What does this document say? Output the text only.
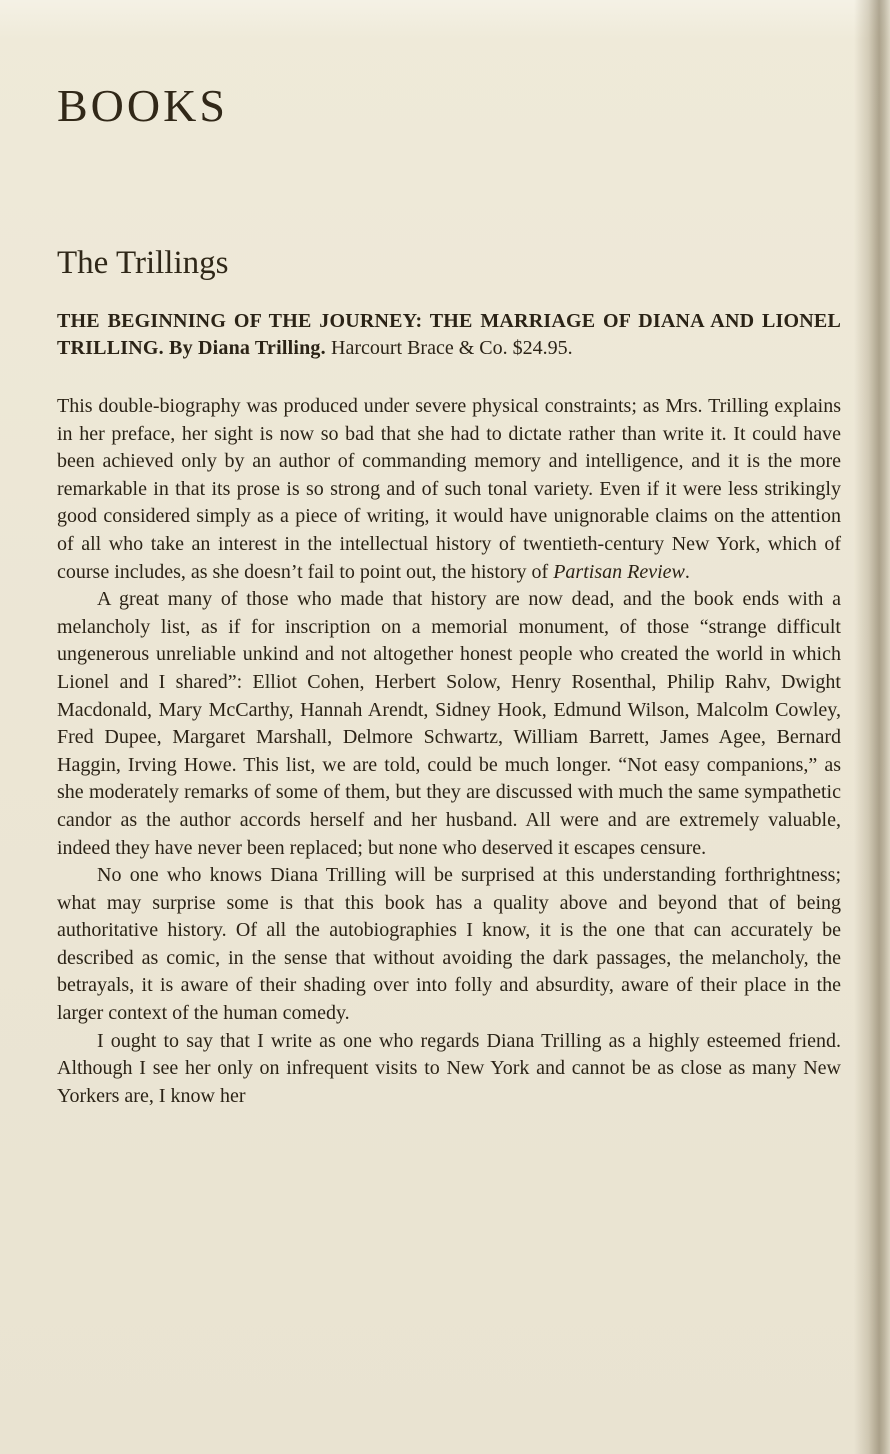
BOOKS
The Trillings

THE BEGINNING OF THE JOURNEY: THE MARRIAGE OF DIANA AND LIONEL TRILLING. By Diana Trilling. Harcourt Brace & Co. $24.95.

This double-biography was produced under severe physical constraints; as Mrs. Trilling explains in her preface, her sight is now so bad that she had to dictate rather than write it. It could have been achieved only by an author of commanding memory and intelligence, and it is the more remarkable in that its prose is so strong and of such tonal variety. Even if it were less strikingly good considered simply as a piece of writing, it would have unignorable claims on the attention of all who take an interest in the intellectual history of twentieth-century New York, which of course includes, as she doesn’t fail to point out, the history of Partisan Review.

A great many of those who made that history are now dead, and the book ends with a melancholy list, as if for inscription on a memorial monument, of those “strange difficult ungenerous unreliable unkind and not altogether honest people who created the world in which Lionel and I shared”: Elliot Cohen, Herbert Solow, Henry Rosenthal, Philip Rahv, Dwight Macdonald, Mary McCarthy, Hannah Arendt, Sidney Hook, Edmund Wilson, Malcolm Cowley, Fred Dupee, Margaret Marshall, Delmore Schwartz, William Barrett, James Agee, Bernard Haggin, Irving Howe. This list, we are told, could be much longer. “Not easy companions,” as she moderately remarks of some of them, but they are discussed with much the same sympathetic candor as the author accords herself and her husband. All were and are extremely valuable, indeed they have never been replaced; but none who deserved it escapes censure.

No one who knows Diana Trilling will be surprised at this understanding forthrightness; what may surprise some is that this book has a quality above and beyond that of being authoritative history. Of all the autobiographies I know, it is the one that can accurately be described as comic, in the sense that without avoiding the dark passages, the melancholy, the betrayals, it is aware of their shading over into folly and absurdity, aware of their place in the larger context of the human comedy.

I ought to say that I write as one who regards Diana Trilling as a highly esteemed friend. Although I see her only on infrequent visits to New York and cannot be as close as many New Yorkers are, I know her
